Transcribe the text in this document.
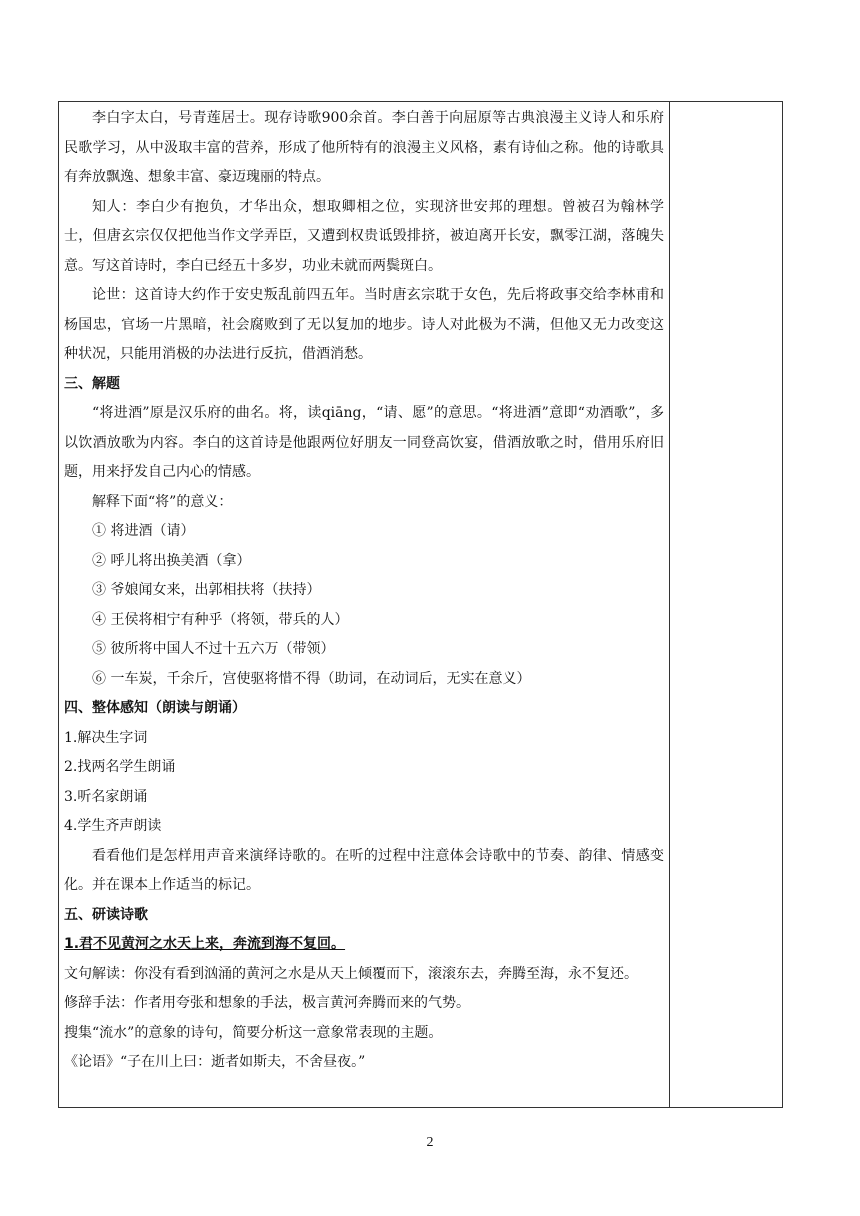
李白字太白，号青莲居士。现存诗歌900余首。李白善于向屈原等古典浪漫主义诗人和乐府民歌学习，从中汲取丰富的营养，形成了他所特有的浪漫主义风格，素有诗仙之称。他的诗歌具有奔放飘逸、想象丰富、豪迈瑰丽的特点。

知人：李白少有抱负，才华出众，想取卿相之位，实现济世安邦的理想。曾被召为翰林学士，但唐玄宗仅仅把他当作文学弄臣，又遭到权贵诋毁排挤，被迫离开长安，飘零江湖，落魄失意。写这首诗时，李白已经五十多岁，功业未就而两鬓斑白。

论世：这首诗大约作于安史叛乱前四五年。当时唐玄宗耽于女色，先后将政事交给李林甫和杨国忠，官场一片黑暗，社会腐败到了无以复加的地步。诗人对此极为不满，但他又无力改变这种状况，只能用消极的办法进行反抗，借酒消愁。

三、解题

“将进酒”原是汉乐府的曲名。将，读qiāng，“请、愿”的意思。“将进酒”意即“劝酒歌”，多以饮酒放歌为内容。李白的这首诗是他跟两位好朋友一同登高饮宴，借酒放歌之时，借用乐府旧题，用来抒发自己内心的情感。

解释下面“将”的意义：

① 将进酒（请）

② 呼儿将出换美酒（拿）

③ 爷娘闻女来，出郭相扶将（扶持）

④ 王侯将相宁有种乎（将领，带兵的人）

⑤ 彼所将中国人不过十五六万（带领）

⑥ 一车炭，千余斤，宫使驱将惜不得（助词，在动词后，无实在意义）

四、整体感知（朗读与朗诵）

1.解决生字词

2.找两名学生朗诵

3.听名家朗诵

4.学生齐声朗读

看看他们是怎样用声音来演绎诗歌的。在听的过程中注意体会诗歌中的节奏、韵律、情感变化。并在课本上作适当的标记。

五、研读诗歌

1.君不见黄河之水天上来，奔流到海不复回。

文句解读：你没有看到汹涌的黄河之水是从天上倾覆而下，滚滚东去，奔腾至海，永不复还。

修辞手法：作者用夸张和想象的手法，极言黄河奔腾而来的气势。

搜集“流水”的意象的诗句，简要分析这一意象常表现的主题。

《论语》“子在川上曰：逝者如斯夫，不舍昼夜。”

2
